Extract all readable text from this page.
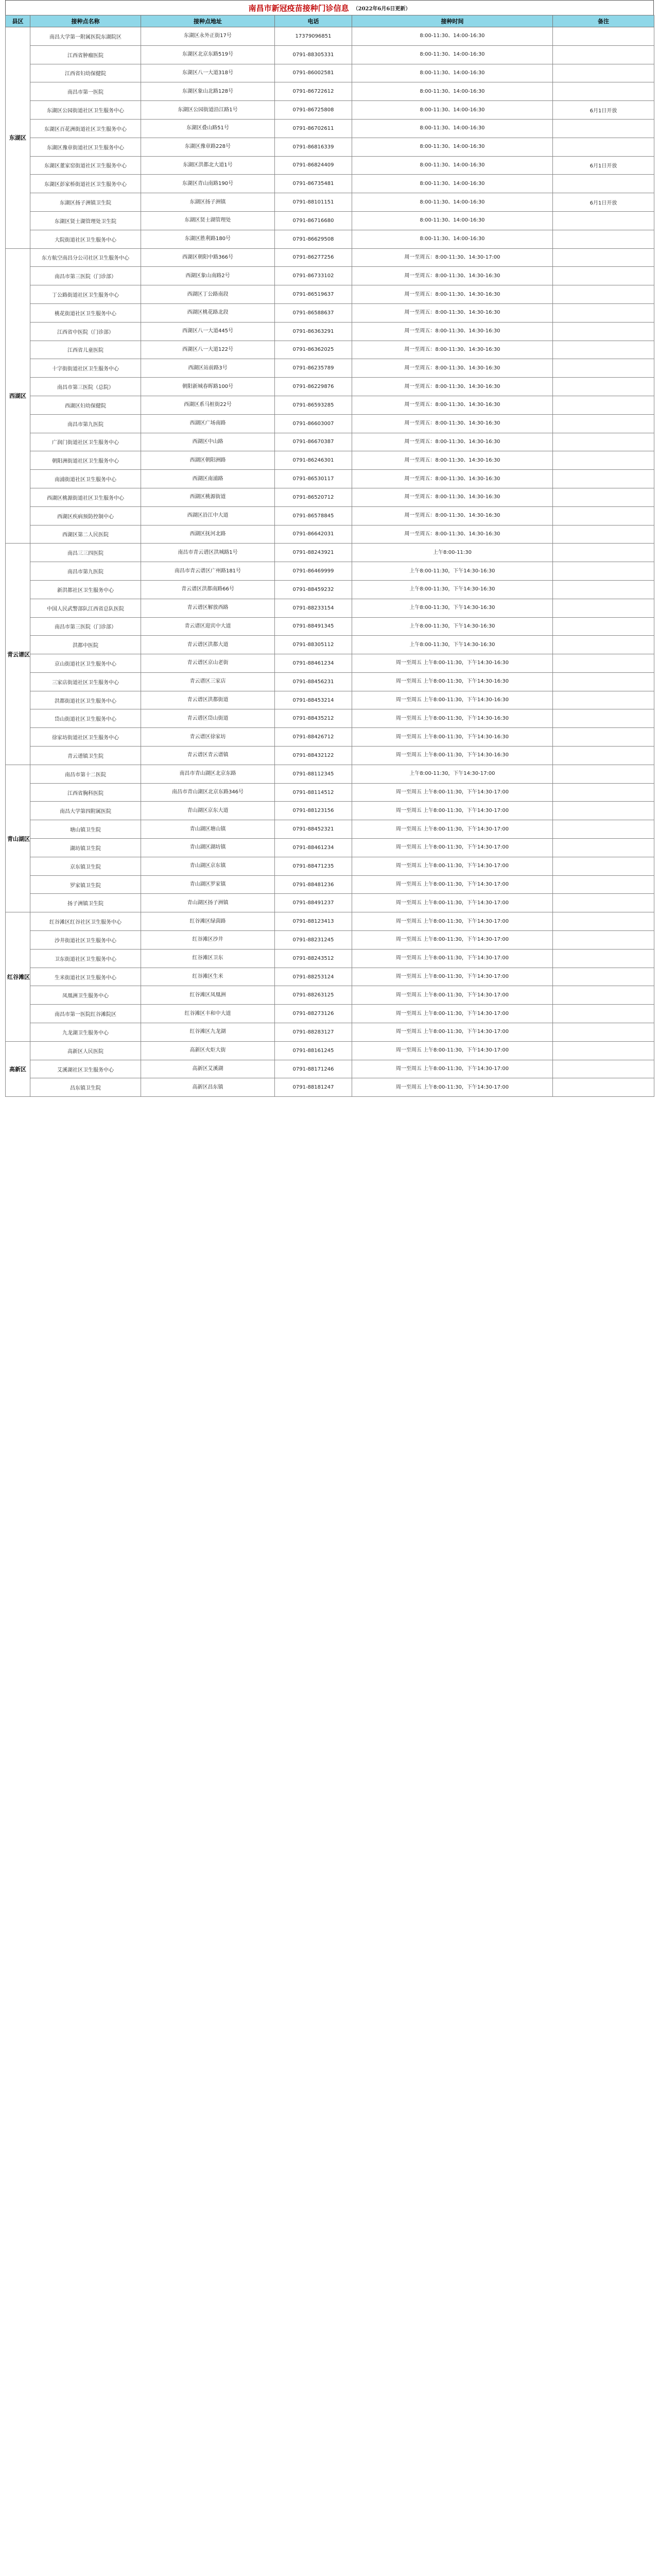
南昌市新冠疫苗接种门诊信息 （2022年6月6日更新）
县区	接种点名称	接种点地址	电话	接种时间	备注
东湖区	南昌大学第一附属医院东湖院区	东湖区永外正街17号	17379096851	8:00-11:30、14:00-16:30	
	江西省肿瘤医院	东湖区北京东路519号	0791-88305331	8:00-11:30、14:00-16:30	
	江西省妇幼保健院	东湖区八一大道318号	0791-86002581	8:00-11:30、14:00-16:30	
	南昌市第一医院	东湖区象山北路128号	0791-86722612	8:00-11:30、14:00-16:30	
	东湖区公园街道社区卫生服务中心	东湖区公园街道沿江路1号	0791-86725808	8:00-11:30、14:00-16:30	6月1日开放
	东湖区百花洲街道社区卫生服务中心	东湖区叠山路51号	0791-86702611	8:00-11:30、14:00-16:30	
	东湖区豫章街道社区卫生服务中心	东湖区豫章路228号	0791-86816339	8:00-11:30、14:00-16:30	
	东湖区董家窑街道社区卫生服务中心	东湖区洪都北大道1号	0791-86824409	8:00-11:30、14:00-16:30	6月1日开放
	东湖区彭家桥街道社区卫生服务中心	东湖区青山南路190号	0791-86735481	8:00-11:30、14:00-16:30	
	东湖区扬子洲镇卫生院	东湖区扬子洲镇	0791-88101151	8:00-11:30、14:00-16:30	6月1日开放
	东湖区贤士湖管理处卫生院	东湖区贤士湖管理处	0791-86716680	8:00-11:30、14:00-16:30	
	大院街道社区卫生服务中心	东湖区胜利路180号	0791-86629508	8:00-11:30、14:00-16:30	
西湖区	东方航空南昌分公司社区卫生服务中心	西湖区朝阳中路366号	0791-86277256	周一至周五：8:00-11:30、14:30-17:00	
	南昌市第三医院（门诊部）	西湖区象山南路2号	0791-86733102	周一至周五：8:00-11:30、14:30-16:30	
	丁公路街道社区卫生服务中心	西湖区丁公路南段	0791-86519637	周一至周五：8:00-11:30、14:30-16:30	
	桃花街道社区卫生服务中心	西湖区桃花路北段	0791-86588637	周一至周五：8:00-11:30、14:30-16:30	
	江西省中医院（门诊部）	西湖区八一大道445号	0791-86363291	周一至周五：8:00-11:30、14:30-16:30	
	江西省儿童医院	西湖区八一大道122号	0791-86362025	周一至周五：8:00-11:30、14:30-16:30	
	十字街街道社区卫生服务中心	西湖区站前路3号	0791-86235789	周一至周五：8:00-11:30、14:30-16:30	
	南昌市第三医院（总院）	朝阳新城春晖路100号	0791-86229876	周一至周五：8:00-11:30、14:30-16:30	
	西湖区妇幼保健院	西湖区系马桩街22号	0791-86593285	周一至周五：8:00-11:30、14:30-16:30	
	南昌市第九医院	西湖区广场南路	0791-86603007	周一至周五：8:00-11:30、14:30-16:30	
	广润门街道社区卫生服务中心	西湖区中山路	0791-86670387	周一至周五：8:00-11:30、14:30-16:30	
	朝阳洲街道社区卫生服务中心	西湖区朝阳洲路	0791-86246301	周一至周五：8:00-11:30、14:30-16:30	
	南浦街道社区卫生服务中心	西湖区南浦路	0791-86530117	周一至周五：8:00-11:30、14:30-16:30	
	西湖区桃源街道社区卫生服务中心	西湖区桃源街道	0791-86520712	周一至周五：8:00-11:30、14:30-16:30	
	西湖区疾病预防控制中心	西湖区沿江中大道	0791-86578845	周一至周五：8:00-11:30、14:30-16:30	
	西湖区第二人民医院	西湖区抚河北路	0791-86642031	周一至周五：8:00-11:30、14:30-16:30	
青云谱区	南昌三三四医院	南昌市青云谱区洪城路1号	0791-88243921	上午8:00-11:30	
	南昌市第九医院	南昌市青云谱区广州路181号	0791-86469999	上午8:00-11:30，下午14:30-16:30	
	新洪都社区卫生服务中心	青云谱区洪都南路66号	0791-88459232	上午8:00-11:30，下午14:30-16:30	
	中国人民武警部队江西省总队医院	青云谱区解放西路	0791-88233154	上午8:00-11:30，下午14:30-16:30	
	南昌市第三医院（门诊部）	青云谱区迎宾中大道	0791-88491345	上午8:00-11:30，下午14:30-16:30	
	洪都中医院	青云谱区洪都大道	0791-88305112	上午8:00-11:30，下午14:30-16:30	
	京山街道社区卫生服务中心	青云谱区京山老街	0791-88461234	周一至周五 上午8:00-11:30，下午14:30-16:30	
	三家店街道社区卫生服务中心	青云谱区三家店	0791-88456231	周一至周五 上午8:00-11:30，下午14:30-16:30	
	洪都街道社区卫生服务中心	青云谱区洪都街道	0791-88453214	周一至周五 上午8:00-11:30，下午14:30-16:30	
	岱山街道社区卫生服务中心	青云谱区岱山街道	0791-88435212	周一至周五 上午8:00-11:30，下午14:30-16:30	
	徐家坊街道社区卫生服务中心	青云谱区徐家坊	0791-88426712	周一至周五 上午8:00-11:30，下午14:30-16:30	
	青云谱镇卫生院	青云谱区青云谱镇	0791-88432122	周一至周五 上午8:00-11:30，下午14:30-16:30	
青山湖区	南昌市第十二医院	南昌市青山湖区北京东路	0791-88112345	上午8:00-11:30，下午14:30-17:00	
	江西省胸科医院	南昌市青山湖区北京东路346号	0791-88114512	周一至周五 上午8:00-11:30，下午14:30-17:00	
	南昌大学第四附属医院	青山湖区京东大道	0791-88123156	周一至周五 上午8:00-11:30，下午14:30-17:00	
	塘山镇卫生院	青山湖区塘山镇	0791-88452321	周一至周五 上午8:00-11:30，下午14:30-17:00	
	湖坊镇卫生院	青山湖区湖坊镇	0791-88461234	周一至周五 上午8:00-11:30，下午14:30-17:00	
	京东镇卫生院	青山湖区京东镇	0791-88471235	周一至周五 上午8:00-11:30，下午14:30-17:00	
	罗家镇卫生院	青山湖区罗家镇	0791-88481236	周一至周五 上午8:00-11:30，下午14:30-17:00	
	扬子洲镇卫生院	青山湖区扬子洲镇	0791-88491237	周一至周五 上午8:00-11:30，下午14:30-17:00	
红谷滩区	红谷滩区红谷社区卫生服务中心	红谷滩区绿茵路	0791-88123413	周一至周五 上午8:00-11:30，下午14:30-17:00	
	沙井街道社区卫生服务中心	红谷滩区沙井	0791-88231245	周一至周五 上午8:00-11:30，下午14:30-17:00	
	卫东街道社区卫生服务中心	红谷滩区卫东	0791-88243512	周一至周五 上午8:00-11:30，下午14:30-17:00	
	生米街道社区卫生服务中心	红谷滩区生米	0791-88253124	周一至周五 上午8:00-11:30，下午14:30-17:00	
	凤凰洲卫生服务中心	红谷滩区凤凰洲	0791-88263125	周一至周五 上午8:00-11:30，下午14:30-17:00	
	南昌市第一医院红谷滩院区	红谷滩区丰和中大道	0791-88273126	周一至周五 上午8:00-11:30，下午14:30-17:00	
	九龙湖卫生服务中心	红谷滩区九龙湖	0791-88283127	周一至周五 上午8:00-11:30，下午14:30-17:00	
高新区	高新区人民医院	高新区火炬大街	0791-88161245	周一至周五 上午8:00-11:30，下午14:30-17:00	
	艾溪湖社区卫生服务中心	高新区艾溪湖	0791-88171246	周一至周五 上午8:00-11:30，下午14:30-17:00	
	昌东镇卫生院	高新区昌东镇	0791-88181247	周一至周五 上午8:00-11:30，下午14:30-17:00	
